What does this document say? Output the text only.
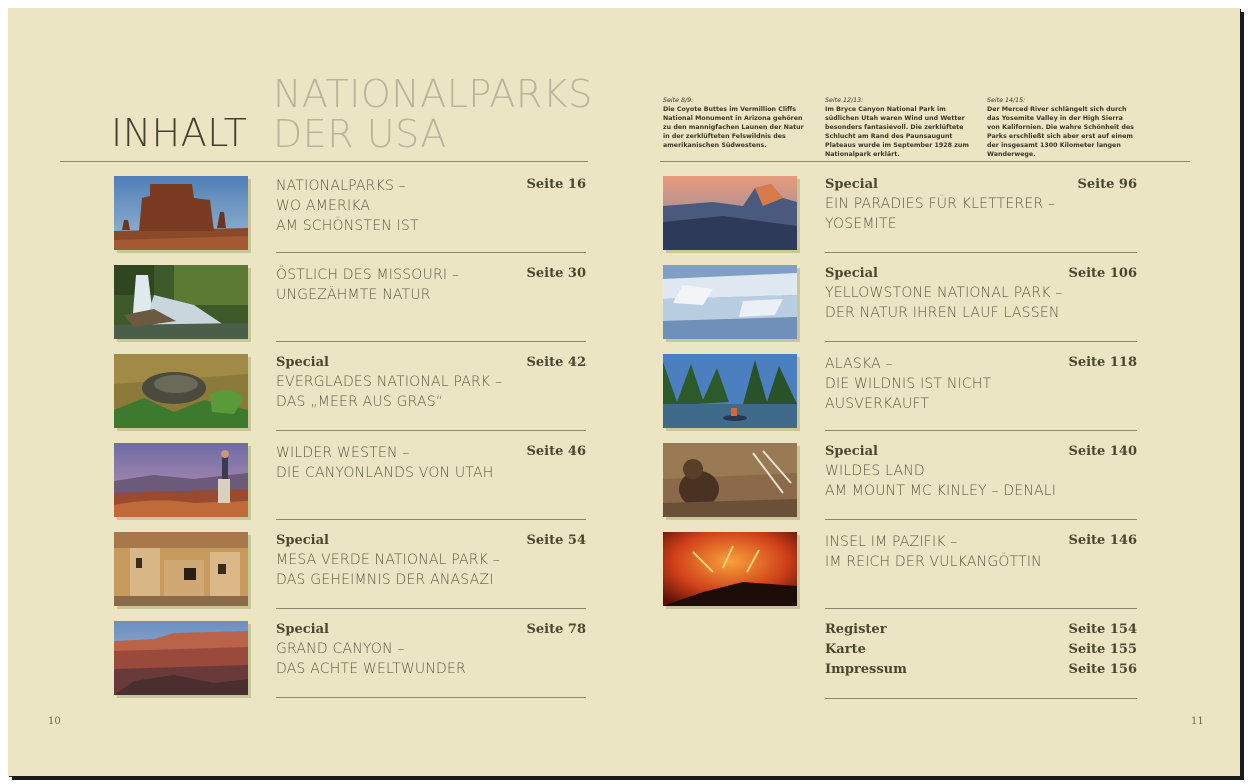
INHALT
NATIONALPARKS
DER USA
NATIONALPARKS –
WO AMERIKA
AM SCHÖNSTEN IST
Seite 16
ÖSTLICH DES MISSOURI –
UNGEZÄHMTE NATUR
Seite 30
Special
EVERGLADES NATIONAL PARK –
DAS „MEER AUS GRAS“
Seite 42
WILDER WESTEN –
DIE CANYONLANDS VON UTAH
Seite 46
Special
MESA VERDE NATIONAL PARK –
DAS GEHEIMNIS DER ANASAZI
Seite 54
Special
GRAND CANYON –
DAS ACHTE WELTWUNDER
Seite 78
10
Seite 8/9:
Die Coyote Buttes im Vermillion Cliffs National Monument in Arizona gehören zu den mannigfachen Launen der Natur in der zerklüfteten Felswildnis des amerikanischen Südwestens.
Seite 12/13:
Im Bryce Canyon National Park im südlichen Utah waren Wind und Wetter besonders fantasievoll. Die zerklüftete Schlucht am Rand des Paunsaugunt Plateaus wurde im September 1928 zum Nationalpark erklärt.
Seite 14/15:
Der Merced River schlängelt sich durch das Yosemite Valley in der High Sierra von Kalifornien. Die wahre Schönheit des Parks erschließt sich aber erst auf einem der insgesamt 1300 Kilometer langen Wanderwege.
Special
EIN PARADIES FÜR KLETTERER –
YOSEMITE
Seite 96
Special
YELLOWSTONE NATIONAL PARK –
DER NATUR IHREN LAUF LASSEN
Seite 106
ALASKA –
DIE WILDNIS IST NICHT
AUSVERKAUFT
Seite 118
Special
WILDES LAND
AM MOUNT MC KINLEY – DENALI
Seite 140
INSEL IM PAZIFIK –
IM REICH DER VULKANGÖTTIN
Seite 146
Register	Seite 154
Karte	Seite 155
Impressum	Seite 156
11
